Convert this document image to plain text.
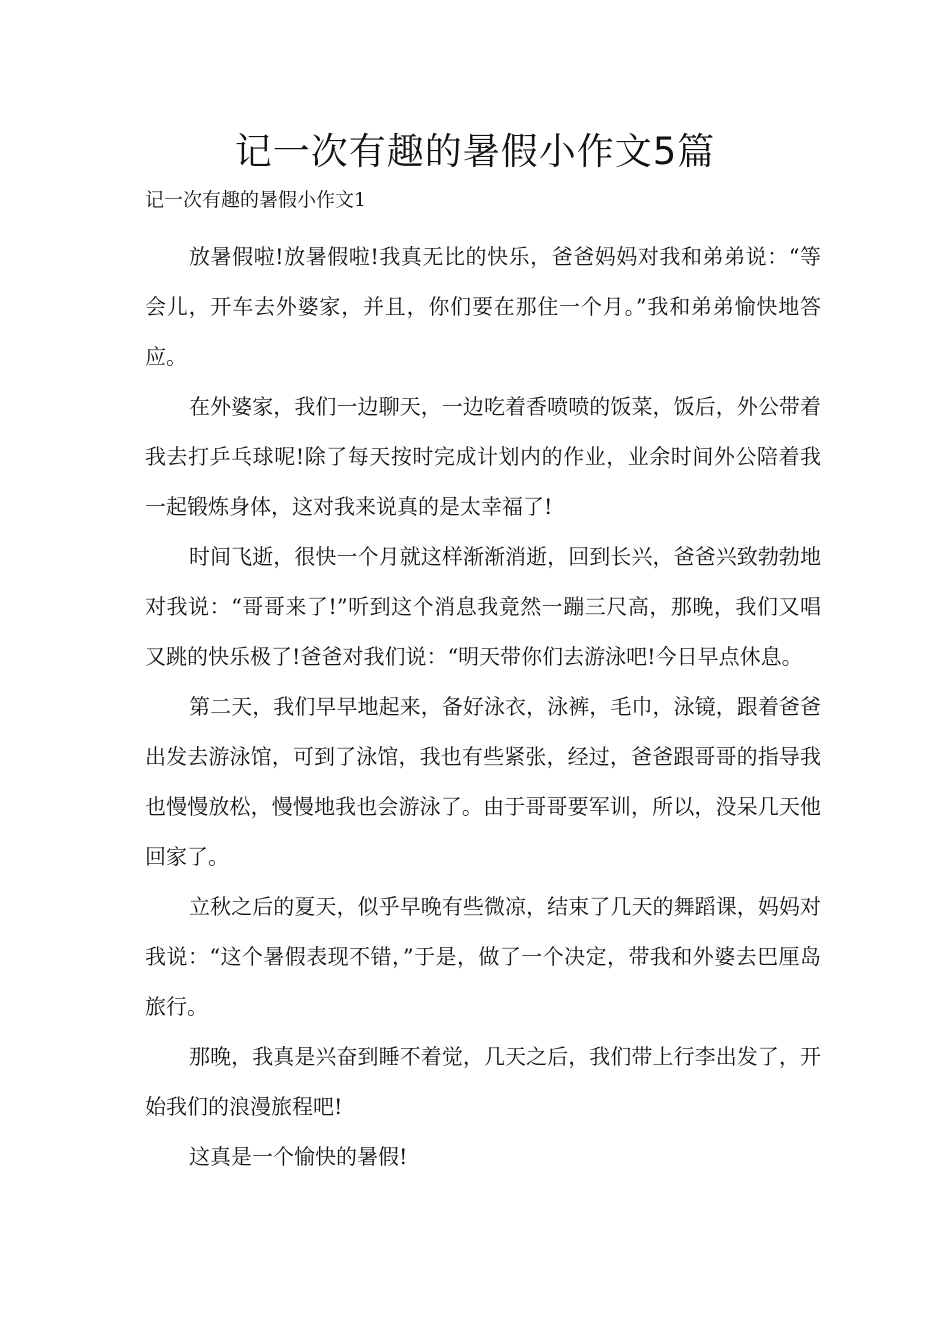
记一次有趣的暑假小作文5篇

记一次有趣的暑假小作文1

放暑假啦!放暑假啦!我真无比的快乐，爸爸妈妈对我和弟弟说：“等会儿，开车去外婆家，并且，你们要在那住一个月。”我和弟弟愉快地答应。

在外婆家，我们一边聊天，一边吃着香喷喷的饭菜，饭后，外公带着我去打乒乓球呢!除了每天按时完成计划内的作业，业余时间外公陪着我一起锻炼身体，这对我来说真的是太幸福了!

时间飞逝，很快一个月就这样渐渐消逝，回到长兴，爸爸兴致勃勃地对我说：“哥哥来了!”听到这个消息我竟然一蹦三尺高，那晚，我们又唱又跳的快乐极了!爸爸对我们说：“明天带你们去游泳吧!今日早点休息。

第二天，我们早早地起来，备好泳衣，泳裤，毛巾，泳镜，跟着爸爸出发去游泳馆，可到了泳馆，我也有些紧张，经过，爸爸跟哥哥的指导我也慢慢放松，慢慢地我也会游泳了。由于哥哥要军训，所以，没呆几天他回家了。

立秋之后的夏天，似乎早晚有些微凉，结束了几天的舞蹈课，妈妈对我说：“这个暑假表现不错，”于是，做了一个决定，带我和外婆去巴厘岛旅行。

那晚，我真是兴奋到睡不着觉，几天之后，我们带上行李出发了，开始我们的浪漫旅程吧!

这真是一个愉快的暑假!
